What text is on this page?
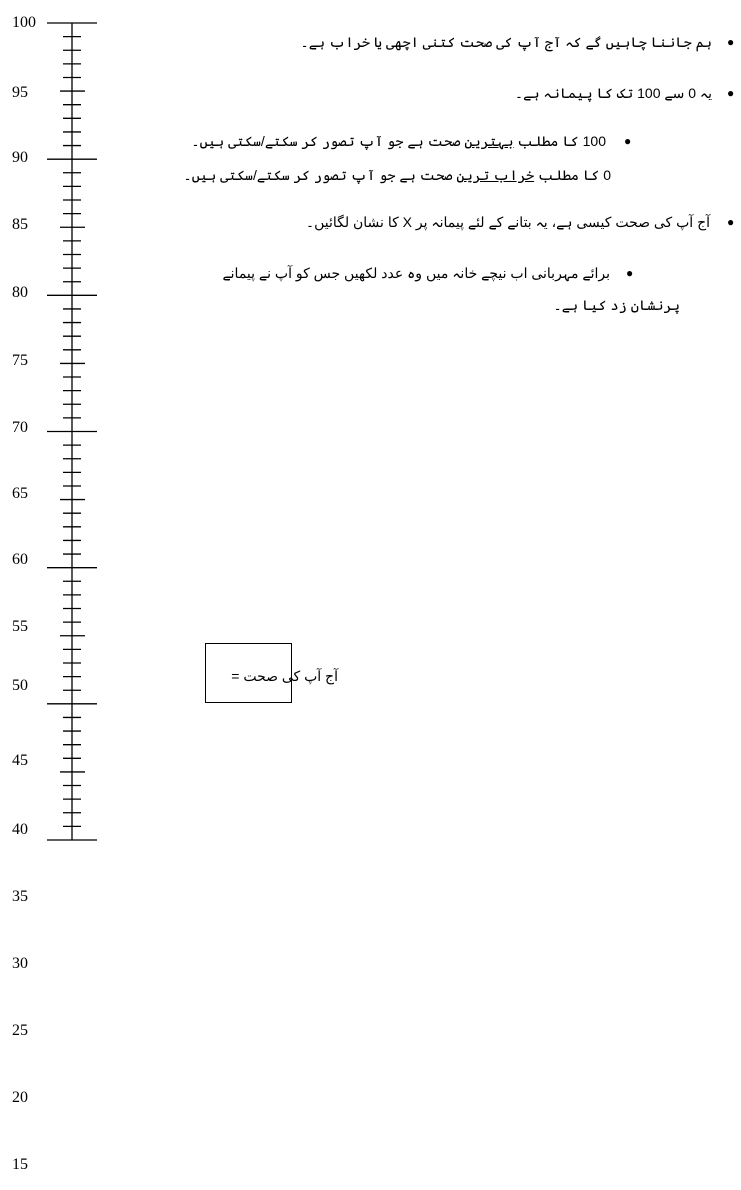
100
95
90
85
80
75
70
65
60
55
50
45
40
35
30
25
20
15
●
ہم جاننا چاہیں گے کہ آج آپ کی صحت کتنی اچھی یا خراب ہے۔
●
یہ 0 سے 100 تک کا پیمانہ ہے۔
●
100 کا مطلب بہترین صحت ہے جو آپ تصور کر سکتے/سکتی ہیں۔
0 کا مطلب خراب ترین صحت ہے جو آپ تصور کر سکتے/سکتی ہیں۔
●
آج آپ کی صحت کیسی ہے، یہ بتانے کے لئے پیمانہ پر X کا نشان لگائیں۔
●
برائے مہربانی اب نیچے خانہ میں وہ عدد لکھیں جس کو آپ نے پیمانے
پرنشان زد کیا ہے۔
آج آپ کی صحت =
